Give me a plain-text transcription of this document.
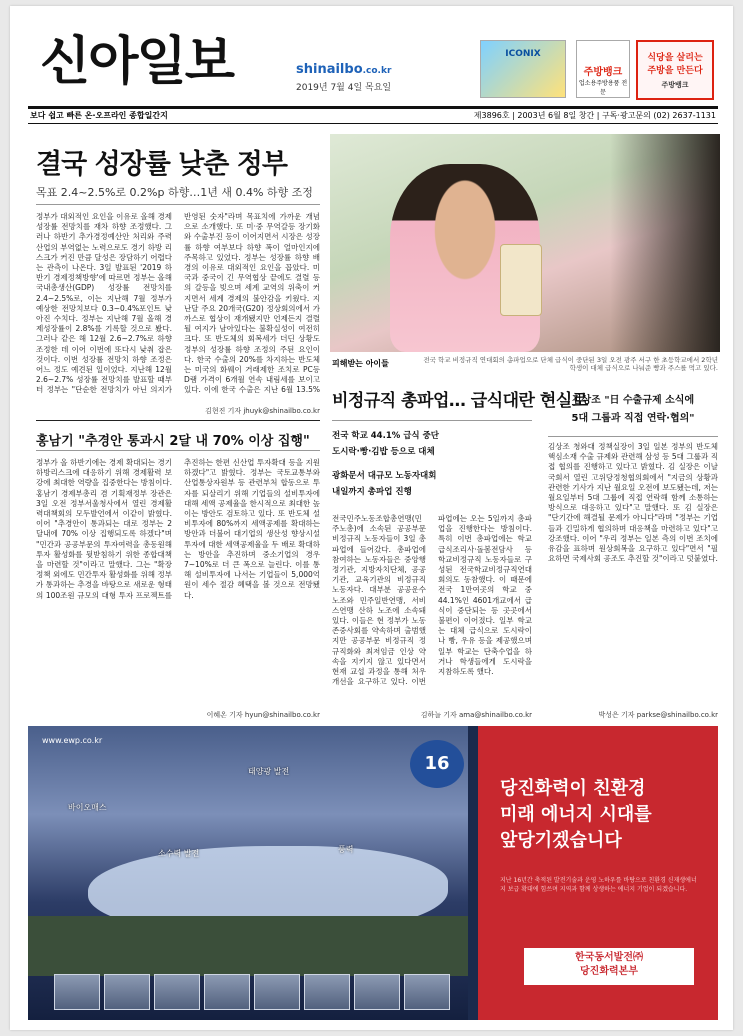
신아일보	shinailbo.co.kr
2019년 7월 4일 목요일
ICONIX
주방뱅크
업소용주방용품 전문
식당을 살리는
주방을 만든다
주방뱅크
보다 쉽고 빠른 온·오프라인 종합일간지	제3896호 | 2003년 6월 8일 창간 | 구독·광고문의 (02) 2637-1131
결국 성장률 낮춘 정부
목표 2.4~2.5%로 0.2%p 하향…1년 새 0.4% 하향 조정
정부가 대외적인 요인을 이유로 올해 경제성장률 전망치를 재차 하향 조정했다. 그러나 하반기 추가경정예산안 처리와 주력산업의 부역없는 노력으로도 경기 하방 리스크가 커진 만큼 달성은 장담하기 어렵다는 관측이 나온다. 3일 발표된 '2019 하반기 경제정책방향'에 따르면 정부는 올해 국내총생산(GDP) 성장률 전망치를 2.4~2.5%로, 이는 지난해 7월 정부가 예상한 전망치보다 0.3~0.4%포인트 낮아진 수치다. 정부는 지난해 7월 올해 경제성장률이 2.8%를 기록할 것으로 봤다. 그러나 같은 해 12월 2.6~2.7%로 하향 조정한 데 이어 이번에 또다시 낮춰 잡은 것이다. 이번 성장률 전망치 하향 조정은 어느 정도 예견된 일이었다. 지난해 12월 2.6~2.7% 성장률 전망치를 발표할 때부터 정부는 "단순한 전망치가 아닌 의지가 반영된 숫자"라며 목표치에 가까운 개념으로 소개했다. 또 미·중 무역갈등 장기화와 수출부진 등이 이어지면서 시장은 성장률 하향 여부보다 하향 폭이 얼마인지에 주목하고 있었다. 정부는 성장률 하향 배경의 이유로 대외적인 요인을 꼽았다. 미국과 중국이 긴 무역협상 끝에도 결렬 등의 갈등을 빚으며 세계 교역의 위축이 커지면서 세계 경제의 불안감을 키웠다. 지난달 주요 20개국(G20) 정상회의에서 가까스로 협상이 재개됐지만 언제든지 결렬될 여지가 남아있다는 불확실성이 여전히 크다. 또 반도체의 회복세가 더딘 상황도 정부의 성장률 하향 조정의 주된 요인이다. 한국 수출의 20%를 차지하는 반도체는 미국의 화웨이 거래제한 조치로 PC등 D램 가격이 6개월 연속 내림세를 보이고 있다. 이에 한국 수출은 지난 6월 13.5%
김현진 기자 jhuyk@shinailbo.co.kr
홍남기 "추경안 통과시 2달 내 70% 이상 집행"
정부가 올 하반기에는 경제 확대되는 경기 하방리스크에 대응하기 위해 경제활력 보강에 최대한 역량을 집중한다는 방침이다. 홍남기 경제부총리 겸 기획재정부 장관은 3일 오전 정부서울청사에서 열린 경제활력대책회의 모두발언에서 이같이 밝혔다. 이어 "추경안이 통과되는 대로 정부는 2달내에 70% 이상 집행되도록 하겠다"며 "민간과 공공부문의 투자여력을 총동원해 투자 활성화를 뒷받침하기 위한 종합대책을 마련할 것"이라고 말했다. 그는 "확장정책 외에도 민간투자 활성화를 위해 정부가 통과하는 추경을 바탕으로 새로운 형태의 100조원 규모의 대형 투자 프로젝트를 추진하는 한편 신산업 투자확대 등을 지원하겠다"고 밝혔다. 정부는 국토교통부와 산업통상자원부 등 관련부처 합동으로 투자를 되살리기 위해 기업들의 설비투자에 대해 세액 공제율을 한시적으로 최대한 높이는 방안도 검토하고 있다. 또 반도체 설비투자에 80%까지 세액공제를 확대하는 방안과 더불어 대기업의 생산성 향상시설 투자에 대한 세액공제율을 두 배로 확대하는 방안을 추진하며 중소기업의 경우 7~10%로 더 큰 폭으로 늘린다. 이를 통해 설비투자에 나서는 기업들이 5,000억원이 세수 절감 혜택을 볼 것으로 전망됐다.
이혜온 기자 hyun@shinailbo.co.kr
피해받는 아이들	전국 학교 비정규직 연대회의 총파업으로 단체 급식이 중단된 3일 오전 광주 서구 한 초등학교에서 2학년 학생이 대체 급식으로 나눠준 빵과 주스를 먹고 있다.
비정규직 총파업… 급식대란 현실로
전국 학교 44.1% 급식 중단
도시락·빵·김밥 등으로 대체
광화문서 대규모 노동자대회
내일까지 총파업 진행
전국민주노동조합총연맹(민주노총)에 소속된 공공부문 비정규직 노동자들이 3일 총파업에 들어갔다. 총파업에 참여하는 노동자들은 중앙행정기관, 지방자치단체, 공공기관, 교육기관의 비정규직 노동자다. 대부분 공공운수노조와 민주일반연맹, 서비스연맹 산하 노조에 소속돼 있다. 이들은 현 정부가 노동존중사회를 약속하며 출범했지만 공공부문 비정규직 정규직화와 최저임금 인상 약속을 지키지 않고 있다면서 현재 교섭 과정을 통해 처우 개선을 요구하고 있다. 이번 파업에는 오는 5일까지 총파업을 진행한다는 방침이다. 특히 이번 총파업에는 학교 급식조리사·돌봄전담사 등 학교비정규직 노동자들로 구성된 전국학교비정규직연대회의도 동참했다. 이 때문에 전국 1만여곳의 학교 중 44.1%인 4601개교에서 급식이 중단되는 등 곳곳에서 불편이 이어졌다. 일부 학교는 대체 급식으로 도시락이나 빵, 우유 등을 제공했으며 일부 학교는 단축수업을 하거나 학생들에게 도시락을 지참하도록 했다.
김하늘 기자 ama@shinailbo.co.kr
김상조 "日 수출규제 소식에
5대 그룹과 직접 연락·협의"
김상조 청와대 정책실장이 3일 일본 정부의 반도체 핵심소재 수출 규제와 관련해 삼성 등 5대 그룹과 직접 협의를 진행하고 있다고 밝혔다. 김 실장은 이날 국회서 열린 고위당정청협의회에서 "지금의 상황과 관련한 기사가 지난 월요일 오전에 보도됐는데, 저는 월요일부터 5대 그룹에 직접 연락해 함께 소통하는 방식으로 대응하고 있다"고 말했다. 또 김 실장은 "단기간에 해결될 문제가 아니다"라며 "정부는 기업들과 긴밀하게 협의하며 대응책을 마련하고 있다"고 강조했다. 이어 "우리 정부는 일본 측의 이번 조치에 유감을 표하며 원상회복을 요구하고 있다"면서 "필요하면 국제사회 공조도 추진할 것"이라고 덧붙였다.
박성은 기자 parkse@shinailbo.co.kr
www.ewp.co.kr
16
태양광 발전
바이오매스
소수력 발전	풍력
당진화력이 친환경
미래 에너지 시대를
앞당기겠습니다
지난 16년간 축적된 발전기술과 운영 노하우를 바탕으로 친환경 신재생에너지 보급 확대에 힘쓰며 지역과 함께 상생하는 에너지 기업이 되겠습니다.
한국동서발전㈜
당진화력본부
